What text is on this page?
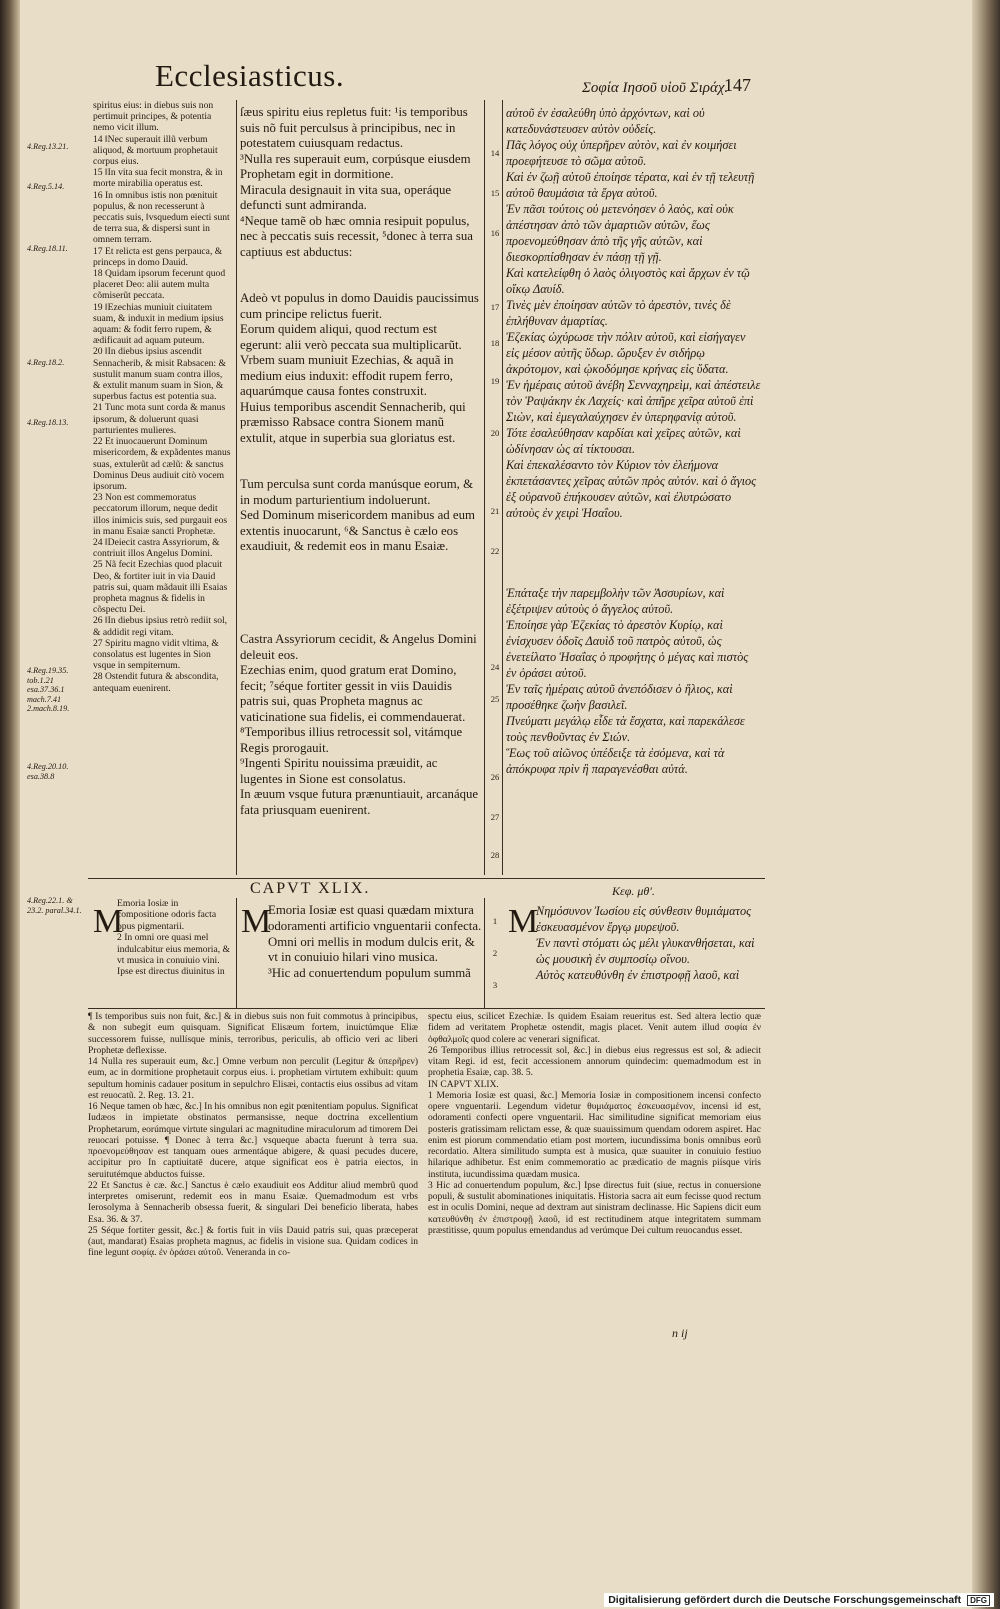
Ecclesiasticus.	Σοφία Ιησοῦ υἱοῦ Σιράχ.
147
spiritus eius: in diebus suis non pertimuit principes, & potentia nemo vicit illum.
14 ‖Nec superauit illũ verbum aliquod, & mortuum prophetauit corpus eius.
15 ‖In vita sua fecit monstra, & in morte mirabilia operatus est.
16 In omnibus istis non pœnituit populus, & non recesserunt à peccatis suis, ‖vsquedum eiecti sunt de terra sua, & dispersi sunt in omnem terram.
17 Et relicta est gens perpauca, & princeps in domo Dauid.
18 Quidam ipsorum fecerunt quod placeret Deo: alii autem multa cõmiserũt peccata.
19 ‖Ezechias muniuit ciuitatem suam, & induxit in medium ipsius aquam: & fodit ferro rupem, & ædificauit ad aquam puteum.
20 ‖In diebus ipsius ascendit Sennacherib, & misit Rabsacen: & sustulit manum suam contra illos, & extulit manum suam in Sion, & superbus factus est potentia sua.
21 Tunc mota sunt corda & manus ipsorum, & doluerunt quasi parturientes mulieres.
22 Et inuocauerunt Dominum misericordem, & expãdentes manus suas, extulerũt ad cælũ: & sanctus Dominus Deus audiuit citò vocem ipsorum.
23 Non est commemoratus peccatorum illorum, neque dedit illos inimicis suis, sed purgauit eos in manu Esaiæ sancti Prophetæ.
24 ‖Deiecit castra Assyriorum, & contriuit illos Angelus Domini.
25 Nã fecit Ezechias quod placuit Deo, & fortiter iuit in via Dauid patris sui, quam mãdauit illi Esaias propheta magnus & fidelis in cõspectu Dei.
26 ‖In diebus ipsius retrò rediit sol, & addidit regi vitam.
27 Spiritu magno vidit vltima, & consolatus est lugentes in Sion vsque in sempiternum.
28 Ostendit futura & abscondita, antequam euenirent.
ſæus spiritu eius repletus fuit: ¹is temporibus suis nõ fuit perculsus à principibus, nec in potestatem cuiusquam redactus.
³Nulla res superauit eum, corpúsque eiusdem Prophetam egit in dormitione.
Miracula designauit in vita sua, operáque defuncti sunt admiranda.
⁴Neque tamẽ ob hæc omnia resipuit populus, nec à peccatis suis recessit, ⁵donec à terra sua captiuus est abductus:

Adeò vt populus in domo Dauidis paucissimus cum principe relictus fuerit.
Eorum quidem aliqui, quod rectum est egerunt: alii verò peccata sua multiplicarũt.
Vrbem suam muniuit Ezechias, & aquã in medium eius induxit: effodit rupem ferro, aquarúmque causa fontes construxit.
Huius temporibus ascendit Sennacherib, qui præmisso Rabsace contra Sionem manũ extulit, atque in superbia sua gloriatus est.

Tum perculsa sunt corda manúsque eorum, & in modum parturientium indoluerunt.
Sed Dominum misericordem manibus ad eum extentis inuocarunt, ⁶& Sanctus è cælo eos exaudiuit, & redemit eos in manu Esaiæ.

Castra Assyriorum cecidit, & Angelus Domini deleuit eos.
Ezechias enim, quod gratum erat Domino, fecit; ⁷séque fortiter gessit in viis Dauidis patris sui, quas Propheta magnus ac vaticinatione sua fidelis, ei commendauerat.
⁸Temporibus illius retrocessit sol, vitámque Regis prorogauit.
⁹Ingenti Spiritu nouissima præuidit, ac lugentes in Sione est consolatus.
In æuum vsque futura prænuntiauit, arcanáque fata priusquam euenirent.
αὐτοῦ ἐν ἐσαλεύθη ὑπὸ ἀρχόντων, καὶ οὐ κατεδυνάστευσεν αὐτὸν οὐδείς.
Πᾶς λόγος οὐχ ὑπερῆρεν αὐτὸν, καὶ ἐν κοιμήσει προεφήτευσε τὸ σῶμα αὐτοῦ.
Καὶ ἐν ζωῇ αὐτοῦ ἐποίησε τέρατα, καὶ ἐν τῇ τελευτῇ αὐτοῦ θαυμάσια τὰ ἔργα αὐτοῦ.
Ἐν πᾶσι τούτοις οὐ μετενόησεν ὁ λαὸς, καὶ οὐκ ἀπέστησαν ἀπὸ τῶν ἁμαρτιῶν αὐτῶν, ἕως προενομεύθησαν ἀπὸ τῆς γῆς αὐτῶν, καὶ διεσκορπίσθησαν ἐν πάσῃ τῇ γῇ.
Καὶ κατελείφθη ὁ λαὸς ὀλιγοστὸς καὶ ἄρχων ἐν τῷ οἴκῳ Δαυίδ.
Τινὲς μὲν ἐποίησαν αὐτῶν τὸ ἀρεστὸν, τινὲς δὲ ἐπλήθυναν ἁμαρτίας.
Ἐζεκίας ὠχύρωσε τὴν πόλιν αὐτοῦ, καὶ εἰσήγαγεν εἰς μέσον αὐτῆς ὕδωρ. ὤρυξεν ἐν σιδήρῳ ἀκρότομον, καὶ ᾠκοδόμησε κρήνας εἰς ὕδατα.
Ἐν ἡμέραις αὐτοῦ ἀνέβη Σενναχηρεὶμ, καὶ ἀπέστειλε τὸν Ῥαψάκην ἐκ Λαχείς· καὶ ἀπῆρε χεῖρα αὐτοῦ ἐπὶ Σιὼν, καὶ ἐμεγαλαύχησεν ἐν ὑπερηφανίᾳ αὐτοῦ.
Τότε ἐσαλεύθησαν καρδίαι καὶ χεῖρες αὐτῶν, καὶ ὠδίνησαν ὡς αἱ τίκτουσαι.
Καὶ ἐπεκαλέσαντο τὸν Κύριον τὸν ἐλεήμονα ἐκπετάσαντες χεῖρας αὐτῶν πρὸς αὐτόν. καὶ ὁ ἅγιος ἐξ οὐρανοῦ ἐπήκουσεν αὐτῶν, καὶ ἐλυτρώσατο αὐτοὺς ἐν χειρὶ Ἡσαΐου.

Ἐπάταξε τὴν παρεμβολὴν τῶν Ἀσσυρίων, καὶ ἐξέτριψεν αὐτοὺς ὁ ἄγγελος αὐτοῦ.
Ἐποίησε γὰρ Ἐζεκίας τὸ ἀρεστὸν Κυρίῳ, καὶ ἐνίσχυσεν ὁδοῖς Δαυὶδ τοῦ πατρὸς αὐτοῦ, ὡς ἐνετείλατο Ἡσαΐας ὁ προφήτης ὁ μέγας καὶ πιστὸς ἐν ὁράσει αὐτοῦ.
Ἐν ταῖς ἡμέραις αὐτοῦ ἀνεπόδισεν ὁ ἥλιος, καὶ προσέθηκε ζωὴν βασιλεῖ.
Πνεύματι μεγάλῳ εἶδε τὰ ἔσχατα, καὶ παρεκάλεσε τοὺς πενθοῦντας ἐν Σιών.
Ἕως τοῦ αἰῶνος ὑπέδειξε τὰ ἐσόμενα, καὶ τὰ ἀπόκρυφα πρὶν ἢ παραγενέσθαι αὐτά.
4.Reg.13.21.
4.Reg.5.14.
4.Reg.18.11.
4.Reg.18.2.
4.Reg.18.13.
4.Reg.19.35. tob.1.21 esa.37.36.1 mach.7.41 2.mach.8.19.
4.Reg.20.10. esa.38.8
4.Reg.22.1. & 23.2. paral.34.1.
14
15
16
17
18
19
20
21
22
24
25
26
27
28
CAPVT XLIX.	Κεφ. μθ'.
M
Emoria Iosiæ in compositione odoris facta opus pigmentarii.
2 In omni ore quasi mel indulcabitur eius memoria, & vt musica in conuiuio vini.
Ipse est directus diuinitus in
M
Emoria Iosiæ est quasi quædam mixtura odoramenti artificio vnguentarii confecta.
Omni ori mellis in modum dulcis erit, & vt in conuiuio hilari vino musica.
³Hic ad conuertendum populum summã
M
Νημόσυνον Ἰωσίου εἰς σύνθεσιν θυμιάματος ἐσκευασμένον ἔργῳ μυρεψοῦ.
Ἐν παντὶ στόματι ὡς μέλι γλυκανθήσεται, καὶ ὡς μουσικὴ ἐν συμποσίῳ οἴνου.
Αὐτὸς κατευθύνθη ἐν ἐπιστροφῇ λαοῦ, καὶ
1
2
3
¶ Is temporibus suis non fuit, &c.] & in diebus suis non fuit commotus à principibus, & non subegit eum quisquam. Significat Elisæum fortem, inuictúmque Eliæ successorem fuisse, nullísque minis, terroribus, periculis, ab officio veri ac liberi Prophetæ deflexisse.
14 Nulla res superauit eum, &c.] Omne verbum non perculit (Legitur & ὑπερῆρεν) eum, ac in dormitione prophetauit corpus eius. i. prophetiam virtutem exhibuit: quum sepultum hominis cadauer positum in sepulchro Elisæi, contactis eius ossibus ad vitam est reuocatũ. 2. Reg. 13. 21.
16 Neque tamen ob hæc, &c.] In his omnibus non egit pœnitentiam populus. Significat Iudæos in impietate obstinatos permansisse, neque doctrina excellentium Prophetarum, eorúmque virtute singulari ac magnitudine miraculorum ad timorem Dei reuocari potuisse. ¶ Donec à terra &c.] vsqueque abacta fuerunt à terra sua. προενομεύθησαν est tanquam oues armentáque abigere, & quasi pecudes ducere, accipitur pro In captiuitatē ducere, atque significat eos è patria eiectos, in seruitutémque abductos fuisse.
22 Et Sanctus è cæ. &c.] Sanctus è cælo exaudiuit eos Additur aliud membrũ quod interpretes omiserunt, redemit eos in manu Esaiæ. Quemadmodum est vrbs Ierosolyma à Sennacherib obsessa fuerit, & singulari Dei beneficio liberata, habes Esa. 36. & 37.
25 Séque fortiter gessit, &c.] & fortis fuit in viis Dauid patris sui, quas præceperat (aut, mandarat) Esaias propheta magnus, ac fidelis in visione sua. Quidam codices in fine legunt σοφίᾳ. ἐν ὁράσει αὐτοῦ. Veneranda in co-
spectu eius, scilicet Ezechiæ. Is quidem Esaiam reueritus est. Sed altera lectio quæ fidem ad veritatem Prophetæ ostendit, magis placet. Venit autem illud σοφία ἐν ὀφθαλμοῖς quod colere ac venerari significat.
26 Temporibus illius retrocessit sol, &c.] in diebus eius regressus est sol, & adiecit vitam Regi. id est, fecit accessionem annorum quindecim: quemadmodum est in prophetia Esaiæ, cap. 38. 5.
IN CAPVT XLIX.
1 Memoria Iosiæ est quasi, &c.] Memoria Iosiæ in compositionem incensi confecto opere vnguentarii. Legendum videtur θυμιάματος ἐσκευασμένον, incensi id est, odoramenti confecti opere vnguentarii. Hac similitudine significat memoriam eius posteris gratissimam relictam esse, & quæ suauissimum quendam odorem aspiret. Hac enim est piorum commendatio etiam post mortem, iucundissima bonis omnibus eorũ recordatio. Altera similitudo sumpta est à musica, quæ suauiter in conuiuio festiuo hilarique adhibetur. Est enim commemoratio ac prædicatio de magnis piísque viris instituta, iucundissima quædam musica.
3 Hic ad conuertendum populum, &c.] Ipse directus fuit (siue, rectus in conuersione populi, & sustulit abominationes iniquitatis. Historia sacra ait eum fecisse quod rectum est in oculis Domini, neque ad dextram aut sinistram declinasse. Hic Sapiens dicit eum κατευθύνθη ἐν ἐπιστροφῇ λαοῦ, id est rectitudinem atque integritatem summam præstitisse, quum populus emendandus ad verúmque Dei cultum reuocandus esset.
n ij
Digitalisierung gefördert durch die Deutsche Forschungsgemeinschaft DFG
